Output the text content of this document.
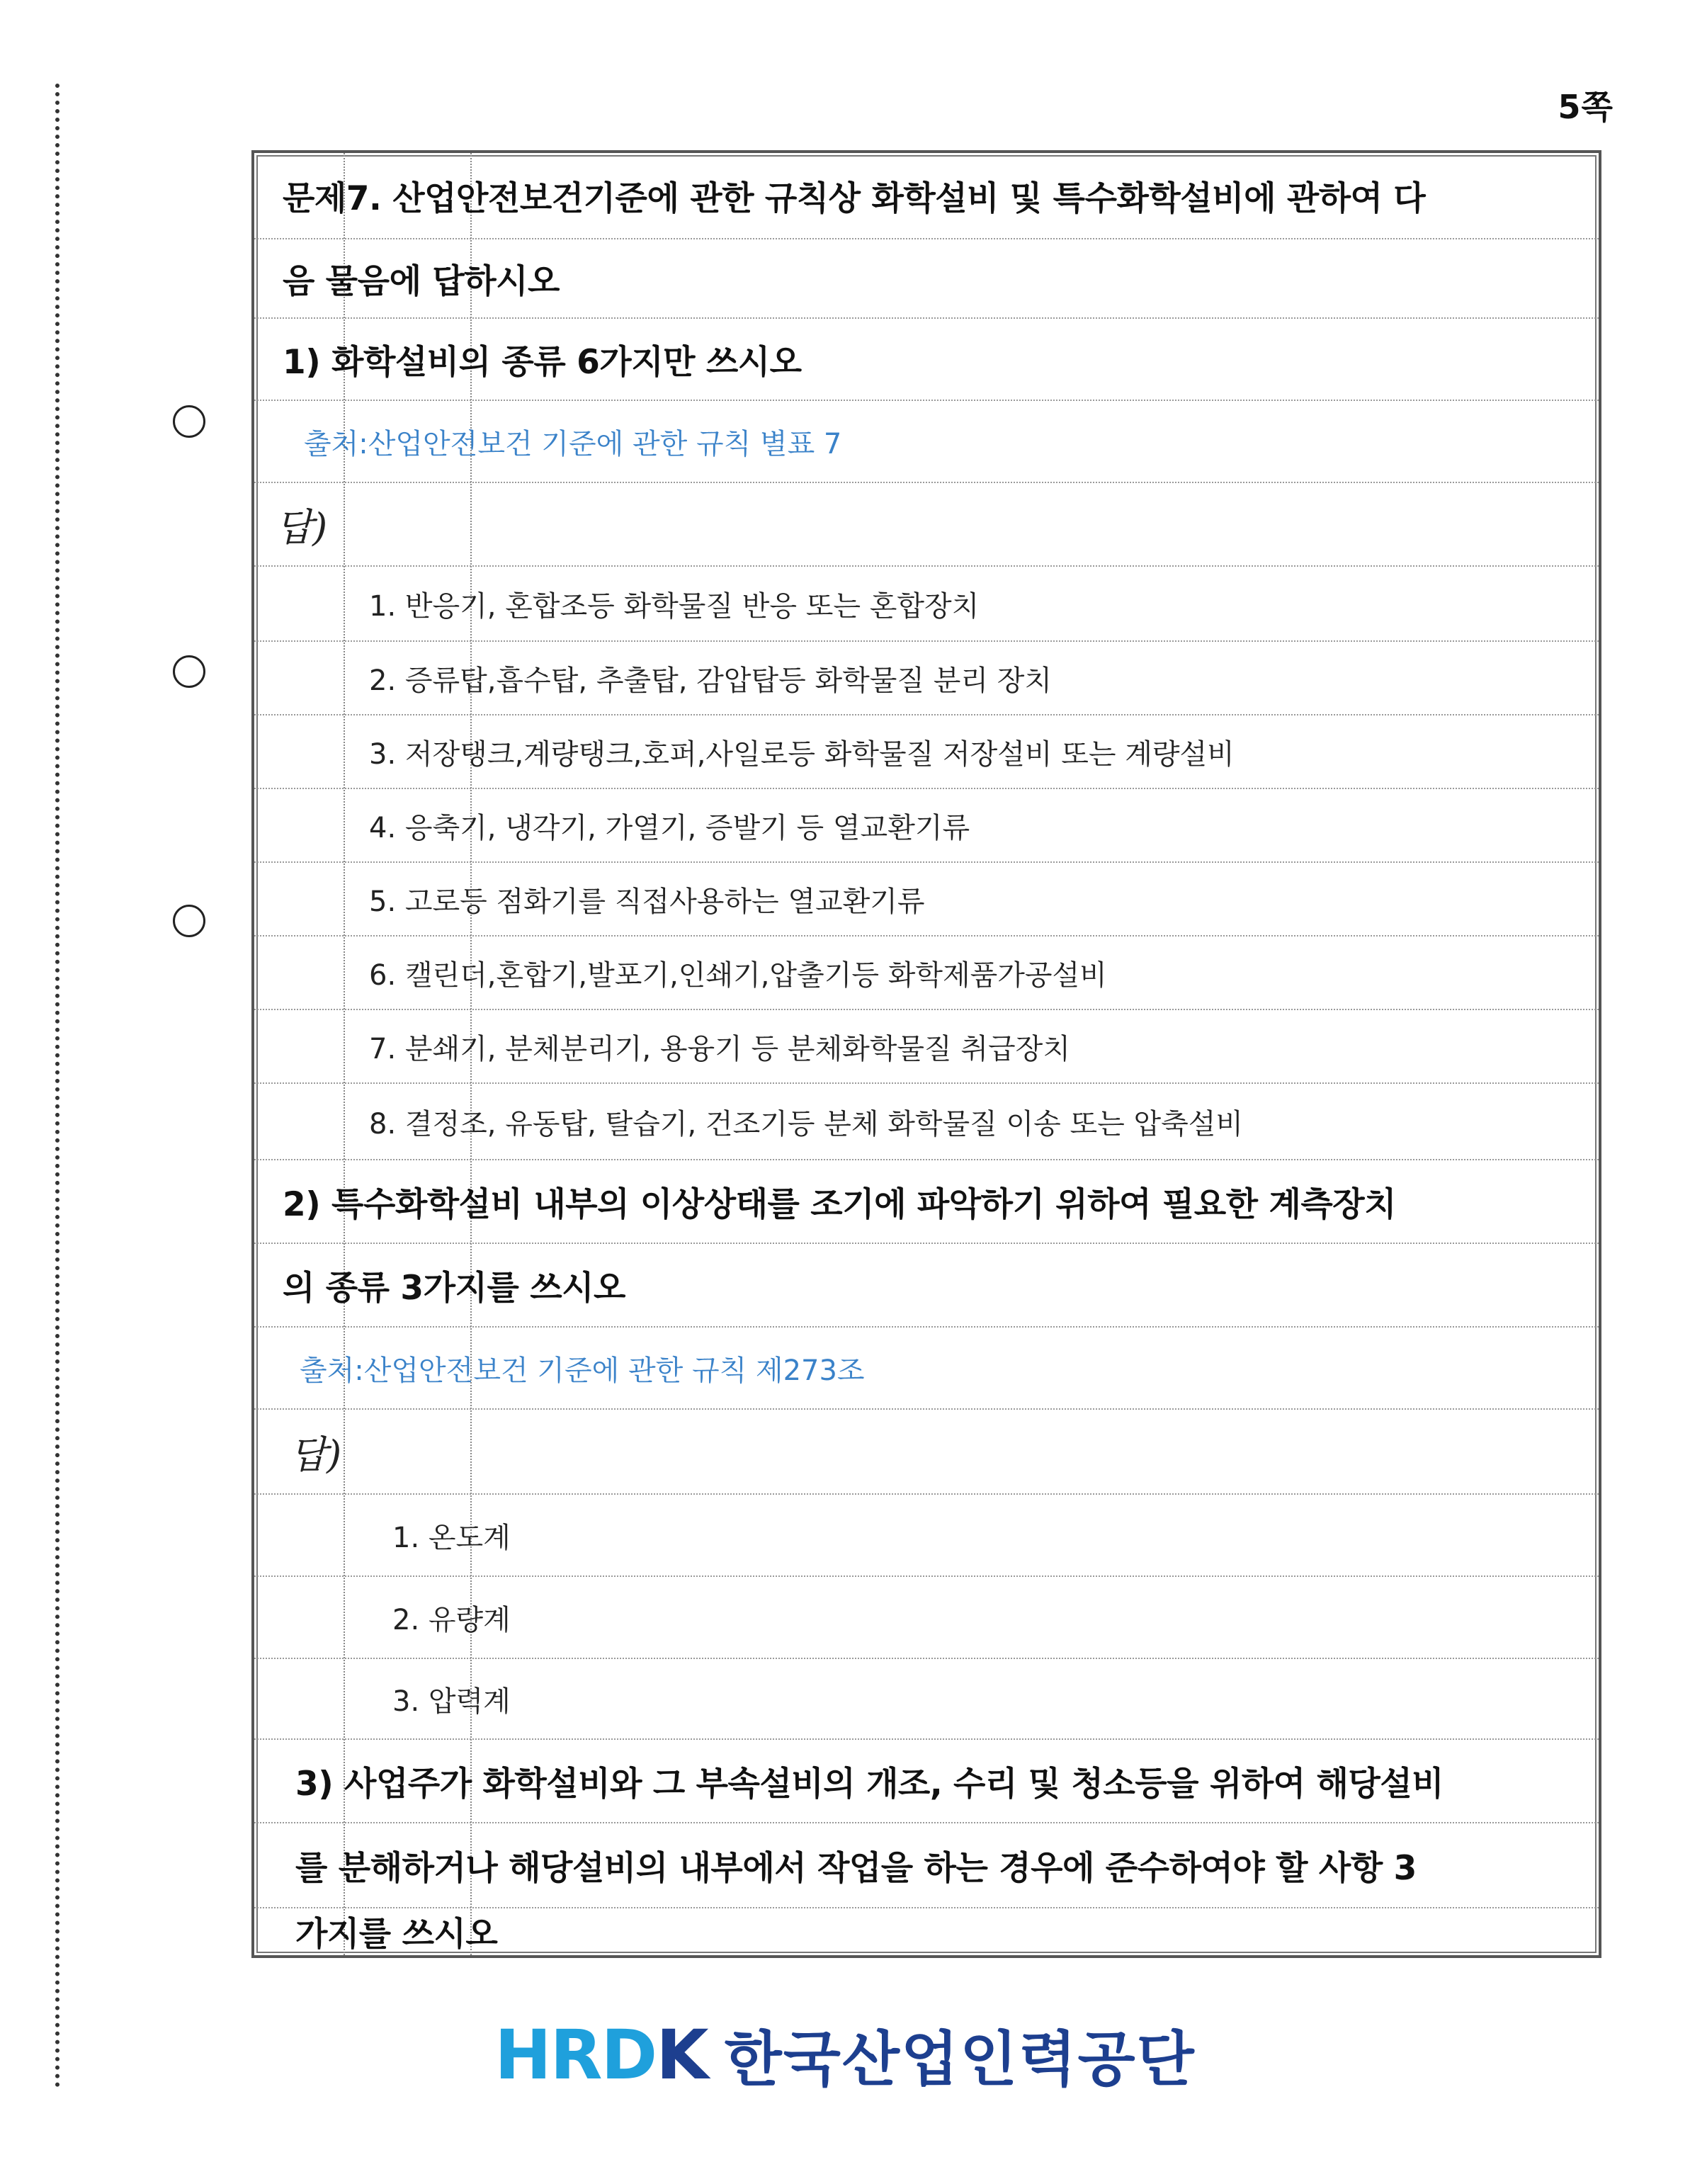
5쪽
문제7. 산업안전보건기준에 관한 규칙상 화학설비 및 특수화학설비에 관하여 다
음 물음에 답하시오
1) 화학설비의 종류 6가지만 쓰시오
출처:산업안전보건 기준에 관한 규칙 별표 7
답)
1. 반응기, 혼합조등 화학물질 반응 또는 혼합장치
2. 증류탑,흡수탑, 추출탑, 감압탑등 화학물질 분리 장치
3. 저장탱크,계량탱크,호퍼,사일로등 화학물질 저장설비 또는 계량설비
4. 응축기, 냉각기, 가열기, 증발기 등 열교환기류
5. 고로등 점화기를 직접사용하는 열교환기류
6. 캘린더,혼합기,발포기,인쇄기,압출기등 화학제품가공설비
7. 분쇄기, 분체분리기, 용융기 등 분체화학물질 취급장치
8. 결정조, 유동탑, 탈습기, 건조기등 분체 화학물질 이송 또는 압축설비
2) 특수화학설비 내부의 이상상태를 조기에 파악하기 위하여 필요한 계측장치
의 종류 3가지를 쓰시오
출처:산업안전보건 기준에 관한 규칙 제273조
답)
1. 온도계
2. 유량계
3. 압력계
3) 사업주가 화학설비와 그 부속설비의 개조, 수리 및 청소등을 위하여 해당설비
를 분해하거나 해당설비의 내부에서 작업을 하는 경우에 준수하여야 할 사항 3
가지를 쓰시오
HRDK 한국산업인력공단
